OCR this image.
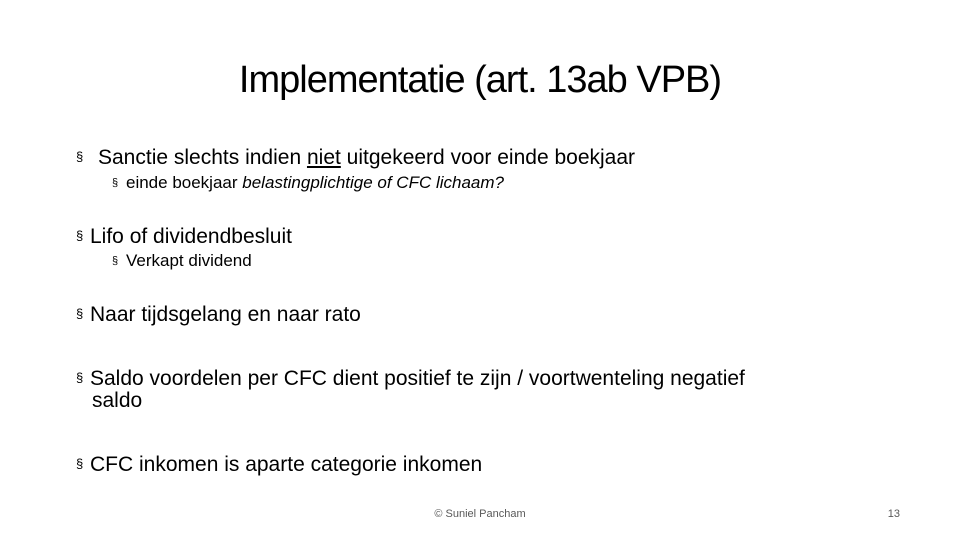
Implementatie (art. 13ab VPB)
§ Sanctie slechts indien niet uitgekeerd voor einde boekjaar
§ einde boekjaar belastingplichtige of CFC lichaam?
§ Lifo of dividendbesluit
§ Verkapt dividend
§ Naar tijdsgelang en naar rato
§ Saldo voordelen per CFC dient positief te zijn / voortwenteling negatief
saldo
§ CFC inkomen is aparte categorie inkomen
© Suniel Pancham	13
